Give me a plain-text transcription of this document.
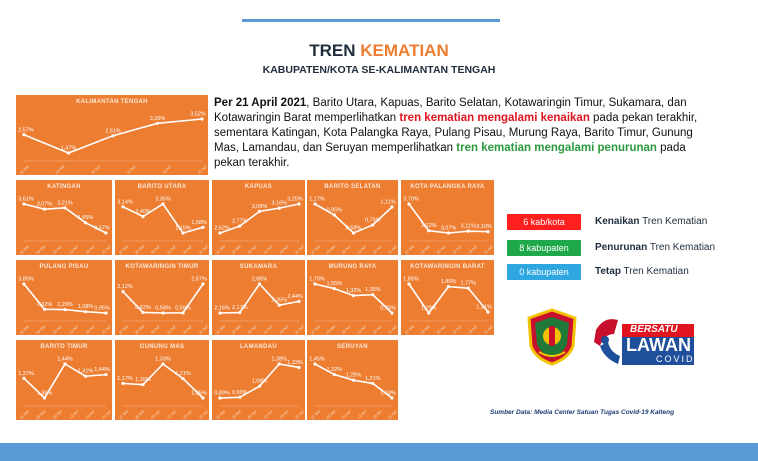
TREN KEMATIAN
KABUPATEN/KOTA SE-KALIMANTAN TENGAH
KALIMANTAN TENGAH
2,57%
1,47%
2,51%
3,26%
3,52%
22 Mar	29 Mar	05 Apr	12 Apr	19 Apr	21 Apr
KATINGAN
3,61%
3,07% 3,21%
1,65%
0,57%
22 Mar 29 Mar 05 Apr 12 Apr 19 Apr 21 Apr
BARITO UTARA
3,14%
2,40%
3,35%
1,15%
1,58%
22 Mar 29 Mar 05 Apr 12 Apr 19 Apr 21 Apr
KAPUAS
2,62%
2,77%
3,09%
3,16%
3,25%
22 Mar 29 Mar 05 Apr 12 Apr 19 Apr 21 Apr
BARITO SELATAN
1,17%
0,95%
0,59%
0,75%
1,11%
22 Mar 29 Mar 05 Apr 12 Apr 19 Apr 21 Apr
KOTA PALANGKA RAYA
3,70%
3,12% 3,07% 3,11% 3,10%
22 Mar 29 Mar 05 Apr 12 Apr 19 Apr 21 Apr
PULANG PISAU
3,85%
1,32% 1,29% 1,08% 0,95%
22 Mar 29 Mar 05 Apr 12 Apr 19 Apr 21 Apr
KOTAWARINGIN TIMUR
2,12%
0,62% 0,58% 0,59%
2,67%
22 Mar 29 Mar 05 Apr 12 Apr 19 Apr 21 Apr
SUKAMARA
2,16% 2,17%
2,86%
2,35%
2,44%
22 Mar 29 Mar 05 Apr 12 Apr 19 Apr 21 Apr
MURUNG RAYA
1,70%
1,55%
1,32% 1,35%
0,75%
22 Mar 29 Mar 05 Apr 12 Apr 19 Apr 21 Apr
KOTAWARINGIN BARAT
1,85%
1,29%
1,80% 1,77%
1,31%
22 Mar 29 Mar 05 Apr 12 Apr 19 Apr 21 Apr
BARITO TIMUR
1,37%
1,36%
1,44%
1,41% 1,44%
22 Mar 29 Mar 05 Apr 12 Apr 19 Apr 21 Apr
GUNUNG MAS
1,17% 1,16%
1,33%
1,21%
1,05%
22 Mar 29 Mar 05 Apr 12 Apr 19 Apr 21 Apr
LAMANDAU
0,89% 0,90%
1,06%
1,38%
1,33%
22 Mar 29 Mar 05 Apr 12 Apr 19 Apr 21 Apr
SERUYAN
1,45%
1,32%
1,25%
1,21%
1,03%
22 Mar 29 Mar 05 Apr 12 Apr 19 Apr 21 Apr
Per 21 April 2021, Barito Utara, Kapuas, Barito Selatan, Kotawaringin Timur, Sukamara, dan Kotawaringin Barat memperlihatkan tren kematian mengalami kenaikan pada pekan terakhir, sementara Katingan, Kota Palangka Raya, Pulang Pisau, Murung Raya, Barito Timur, Gunung Mas, Lamandau, dan Seruyan memperlihatkan tren kematian mengalami penurunan pada pekan terakhir.
6 kab/kota	Kenaikan Tren Kematian
8 kabupaten	Penurunan Tren Kematian
0 kabupaten	Tetap Tren Kematian
BERSATU
LAWAN
COVID
Sumber Data: Media Center Satuan Tugas Covid-19 Kalteng
